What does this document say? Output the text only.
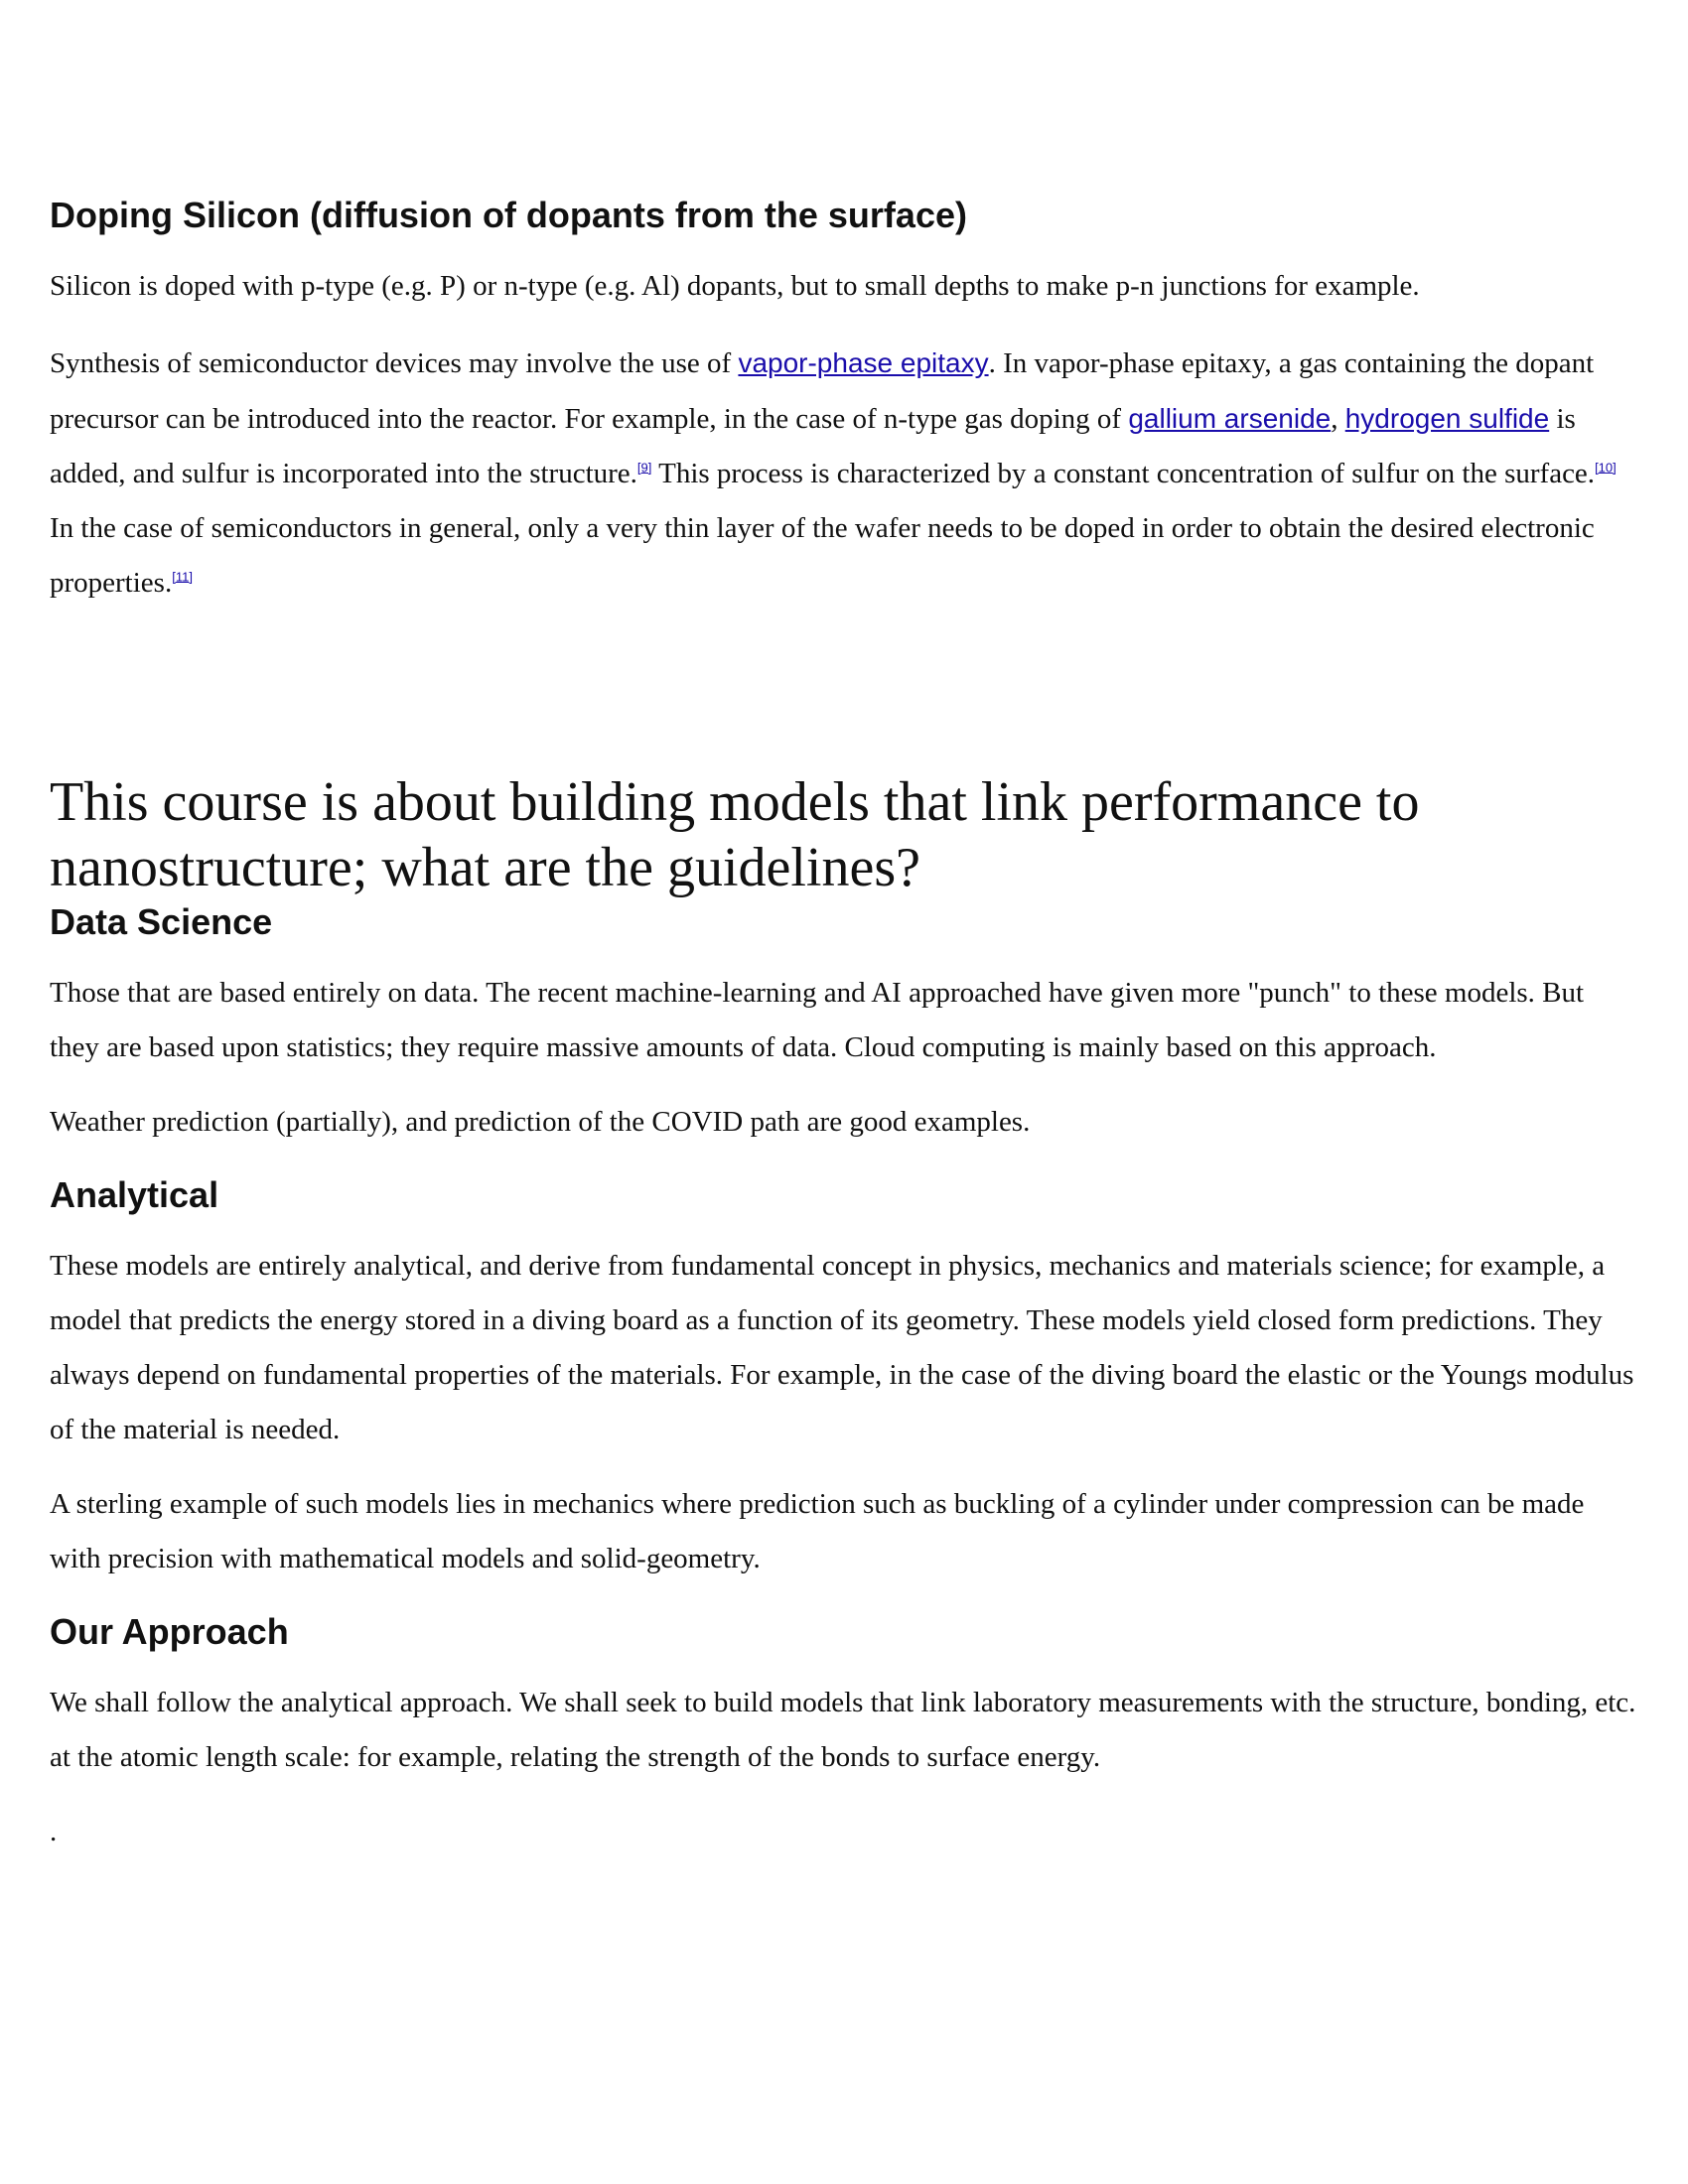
Doping Silicon (diffusion of dopants from the surface)

Silicon is doped with p-type (e.g. P) or n-type (e.g. Al) dopants, but to small depths to make p-n junctions for example.

Synthesis of semiconductor devices may involve the use of vapor-phase epitaxy. In vapor-phase epitaxy, a gas containing the dopant precursor can be introduced into the reactor. For example, in the case of n-type gas doping of gallium arsenide, hydrogen sulfide is added, and sulfur is incorporated into the structure.[9] This process is characterized by a constant concentration of sulfur on the surface.[10] In the case of semiconductors in general, only a very thin layer of the wafer needs to be doped in order to obtain the desired electronic properties.[11]

This course is about building models that link performance to nanostructure; what are the guidelines?
Data Science

Those that are based entirely on data. The recent machine-learning and AI approached have given more "punch" to these models. But they are based upon statistics; they require massive amounts of data. Cloud computing is mainly based on this approach.

Weather prediction (partially), and prediction of the COVID path are good examples.

Analytical

These models are entirely analytical, and derive from fundamental concept in physics, mechanics and materials science; for example, a model that predicts the energy stored in a diving board as a function of its geometry. These models yield closed form predictions. They always depend on fundamental properties of the materials. For example, in the case of the diving board the elastic or the Youngs modulus of the material is needed.

A sterling example of such models lies in mechanics where prediction such as buckling of a cylinder under compression can be made with precision with mathematical models and solid-geometry.

Our Approach

We shall follow the analytical approach. We shall seek to build models that link laboratory measurements with the structure, bonding, etc. at the atomic length scale: for example, relating the strength of the bonds to surface energy.

.
